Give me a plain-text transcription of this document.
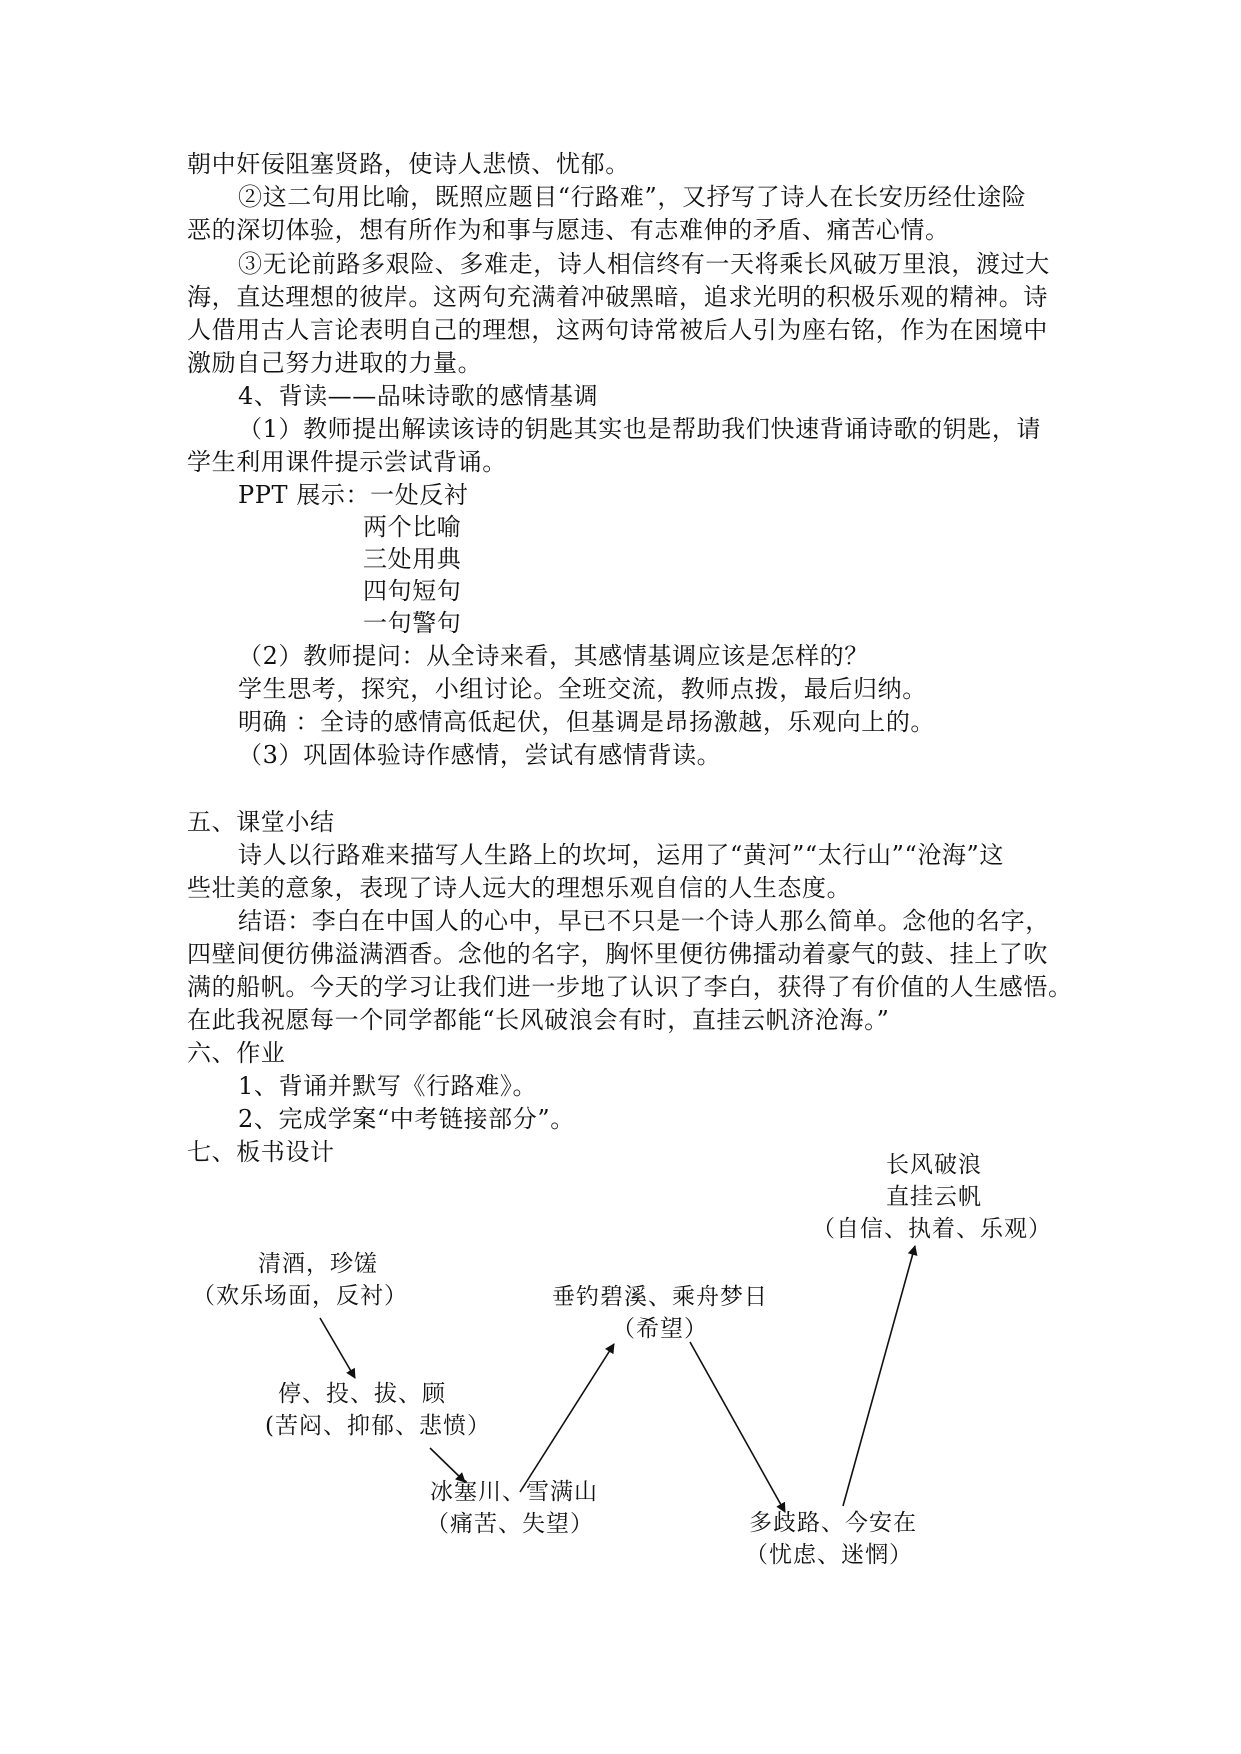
朝中奸佞阻塞贤路，使诗人悲愤、忧郁。

②这二句用比喻，既照应题目“行路难”，又抒写了诗人在长安历经仕途险

恶的深切体验，想有所作为和事与愿违、有志难伸的矛盾、痛苦心情。

③无论前路多艰险、多难走，诗人相信终有一天将乘长风破万里浪，渡过大

海，直达理想的彼岸。这两句充满着冲破黑暗，追求光明的积极乐观的精神。诗

人借用古人言论表明自己的理想，这两句诗常被后人引为座右铭，作为在困境中

激励自己努力进取的力量。

4、背读——品味诗歌的感情基调

（1）教师提出解读该诗的钥匙其实也是帮助我们快速背诵诗歌的钥匙，请

学生利用课件提示尝试背诵。

PPT 展示：一处反衬

两个比喻

三处用典

四句短句

一句警句

（2）教师提问：从全诗来看，其感情基调应该是怎样的？

学生思考，探究，小组讨论。全班交流，教师点拨，最后归纳。

明确 ：全诗的感情高低起伏，但基调是昂扬激越，乐观向上的。

（3）巩固体验诗作感情，尝试有感情背读。

五、课堂小结

诗人以行路难来描写人生路上的坎坷，运用了“黄河”“太行山”“沧海”这

些壮美的意象，表现了诗人远大的理想乐观自信的人生态度。

结语：李白在中国人的心中，早已不只是一个诗人那么简单。念他的名字，

四壁间便彷佛溢满酒香。念他的名字，胸怀里便彷佛擂动着豪气的鼓、挂上了吹

满的船帆。今天的学习让我们进一步地了认识了李白，获得了有价值的人生感悟。

在此我祝愿每一个同学都能“长风破浪会有时，直挂云帆济沧海。”

六、作业

1、背诵并默写《行路难》。

2、完成学案“中考链接部分”。

七、板书设计

清酒，珍馐

（欢乐场面，反衬）

停、投、拔、顾

(苦闷、抑郁、悲愤）

冰塞川、雪满山

（痛苦、失望）

垂钓碧溪、乘舟梦日

（希望）

多歧路、今安在

（忧虑、迷惘）

长风破浪

直挂云帆

（自信、执着、乐观）
